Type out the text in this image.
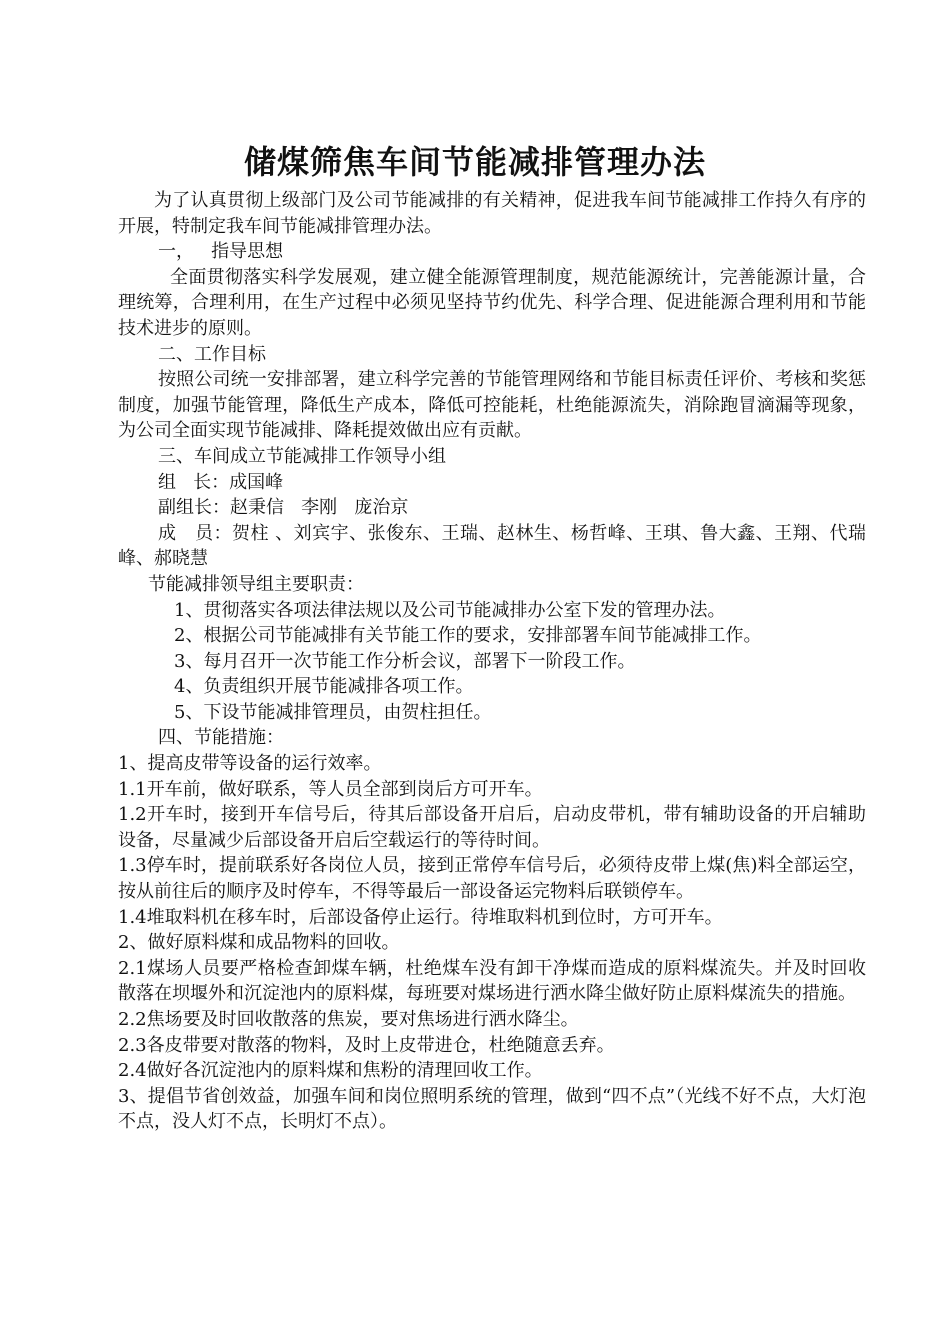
储煤筛焦车间节能减排管理办法

为了认真贯彻上级部门及公司节能减排的有关精神，促进我车间节能减排工作持久有序的开展，特制定我车间节能减排管理办法。

一，   指导思想

全面贯彻落实科学发展观，建立健全能源管理制度，规范能源统计，完善能源计量，合理统筹，合理利用，在生产过程中必须见坚持节约优先、科学合理、促进能源合理利用和节能技术进步的原则。

二、工作目标

按照公司统一安排部署，建立科学完善的节能管理网络和节能目标责任评价、考核和奖惩制度，加强节能管理，降低生产成本，降低可控能耗，杜绝能源流失，消除跑冒滴漏等现象，为公司全面实现节能减排、降耗提效做出应有贡献。

三、车间成立节能减排工作领导小组

组   长：成国峰

副组长：赵秉信   李刚   庞治京

成   员：贺柱 、刘宾宇、张俊东、王瑞、赵林生、杨哲峰、王琪、鲁大鑫、王翔、代瑞峰、郝晓慧

节能减排领导组主要职责：

1、贯彻落实各项法律法规以及公司节能减排办公室下发的管理办法。

2、根据公司节能减排有关节能工作的要求，安排部署车间节能减排工作。

3、每月召开一次节能工作分析会议，部署下一阶段工作。

4、负责组织开展节能减排各项工作。

5、下设节能减排管理员，由贺柱担任。

四、节能措施：

1、提高皮带等设备的运行效率。

1.1开车前，做好联系，等人员全部到岗后方可开车。

1.2开车时，接到开车信号后，待其后部设备开启后，启动皮带机，带有辅助设备的开启辅助设备，尽量减少后部设备开启后空载运行的等待时间。

1.3停车时，提前联系好各岗位人员，接到正常停车信号后，必须待皮带上煤(焦)料全部运空，按从前往后的顺序及时停车，不得等最后一部设备运完物料后联锁停车。

1.4堆取料机在移车时，后部设备停止运行。待堆取料机到位时，方可开车。

2、做好原料煤和成品物料的回收。

2.1煤场人员要严格检查卸煤车辆，杜绝煤车没有卸干净煤而造成的原料煤流失。并及时回收散落在坝堰外和沉淀池内的原料煤，每班要对煤场进行洒水降尘做好防止原料煤流失的措施。

2.2焦场要及时回收散落的焦炭，要对焦场进行洒水降尘。

2.3各皮带要对散落的物料，及时上皮带进仓，杜绝随意丢弃。

2.4做好各沉淀池内的原料煤和焦粉的清理回收工作。

3、提倡节省创效益，加强车间和岗位照明系统的管理，做到“四不点”（光线不好不点，大灯泡不点，没人灯不点，长明灯不点）。
